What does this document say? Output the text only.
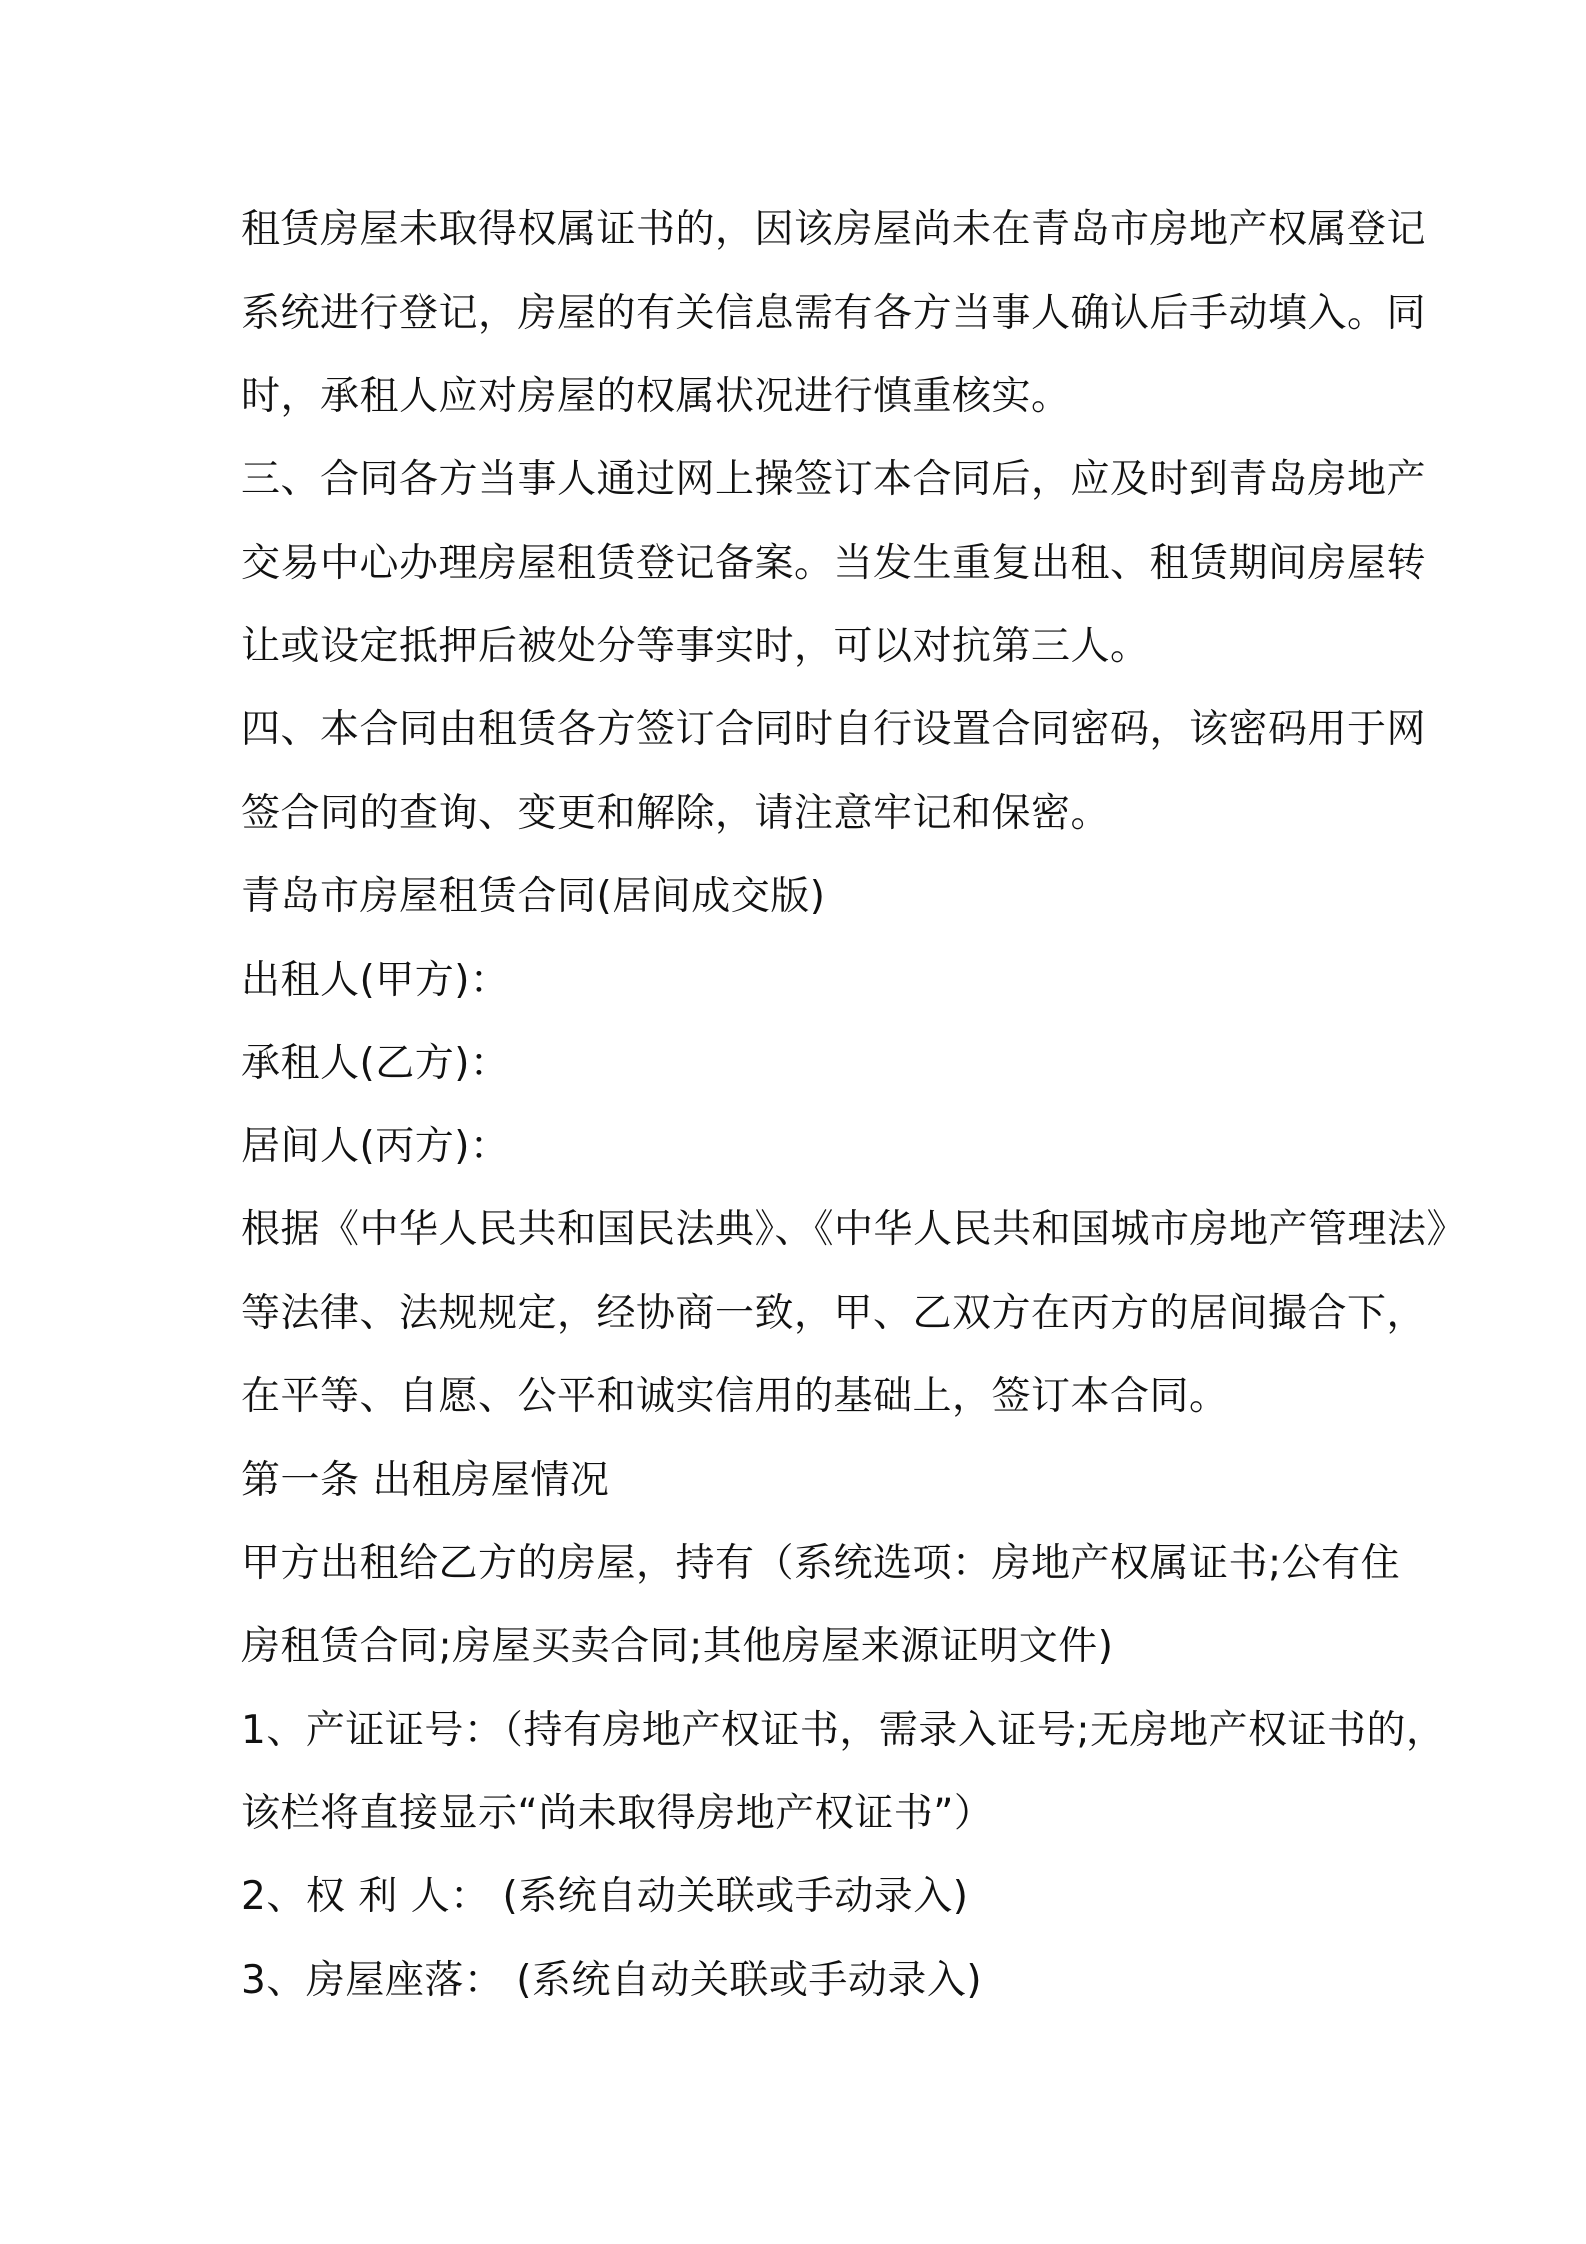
租赁房屋未取得权属证书的，因该房屋尚未在青岛市房地产权属登记

系统进行登记，房屋的有关信息需有各方当事人确认后手动填入。同

时，承租人应对房屋的权属状况进行慎重核实。

三、合同各方当事人通过网上操签订本合同后，应及时到青岛房地产

交易中心办理房屋租赁登记备案。当发生重复出租、租赁期间房屋转

让或设定抵押后被处分等事实时，可以对抗第三人。

四、本合同由租赁各方签订合同时自行设置合同密码，该密码用于网

签合同的查询、变更和解除，请注意牢记和保密。

青岛市房屋租赁合同(居间成交版)

出租人(甲方)：

承租人(乙方)：

居间人(丙方)：

根据《中华人民共和国民法典》、《中华人民共和国城市房地产管理法》

等法律、法规规定，经协商一致，甲、乙双方在丙方的居间撮合下，

在平等、自愿、公平和诚实信用的基础上，签订本合同。

第一条 出租房屋情况

甲方出租给乙方的房屋，持有（系统选项：房地产权属证书;公有住

房租赁合同;房屋买卖合同;其他房屋来源证明文件)

1、产证证号：（持有房地产权证书，需录入证号;无房地产权证书的，

该栏将直接显示“尚未取得房地产权证书”）

2、权 利 人： (系统自动关联或手动录入)

3、房屋座落： (系统自动关联或手动录入)
